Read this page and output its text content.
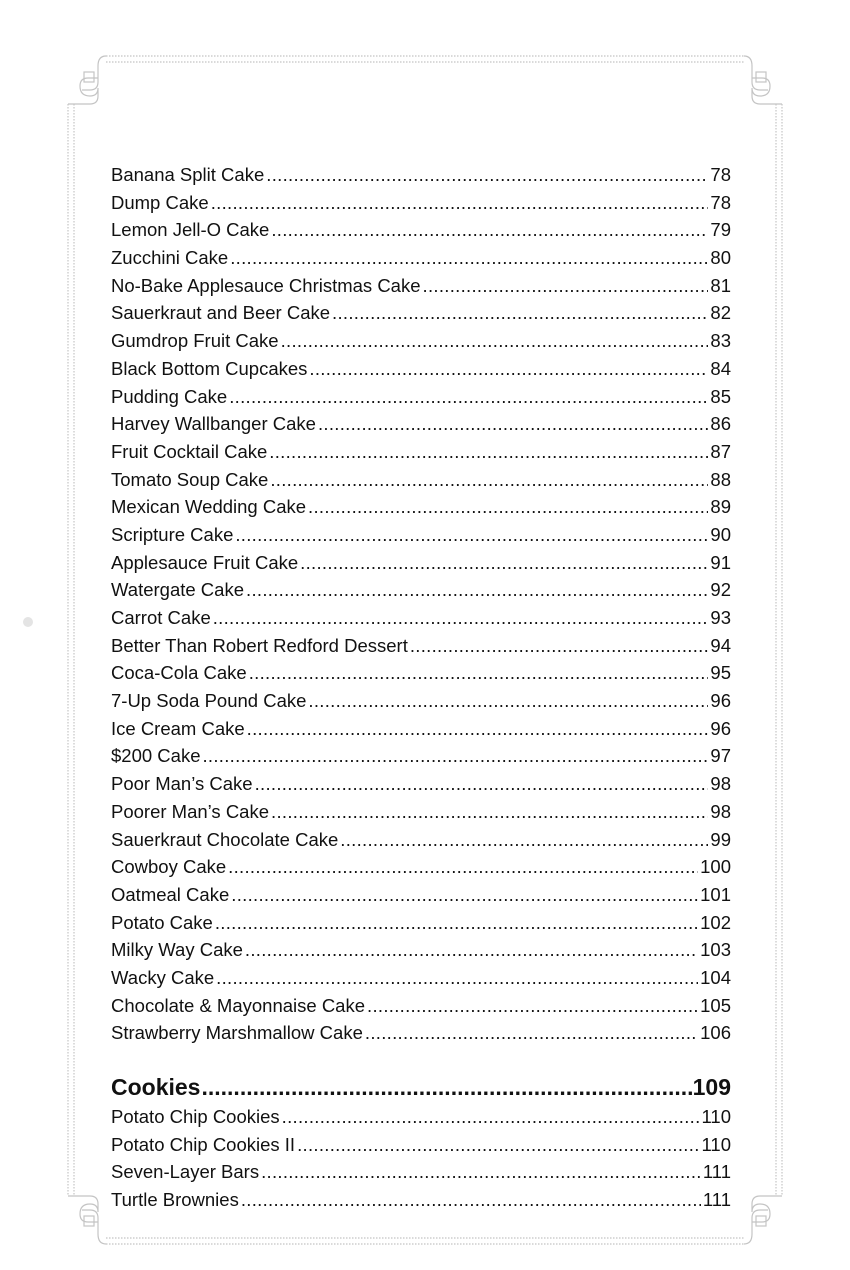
Banana Split Cake .....	78
Dump Cake .....	78
Lemon Jell-O Cake .....	79
Zucchini Cake .....	80
No-Bake Applesauce Christmas Cake .....	81
Sauerkraut and Beer Cake .....	82
Gumdrop Fruit Cake .....	83
Black Bottom Cupcakes .....	84
Pudding Cake .....	85
Harvey Wallbanger Cake .....	86
Fruit Cocktail Cake .....	87
Tomato Soup Cake .....	88
Mexican Wedding Cake .....	89
Scripture Cake .....	90
Applesauce Fruit Cake .....	91
Watergate Cake .....	92
Carrot Cake .....	93
Better Than Robert Redford Dessert .....	94
Coca-Cola Cake .....	95
7-Up Soda Pound Cake .....	96
Ice Cream Cake .....	96
$200 Cake .....	97
Poor Man’s Cake .....	98
Poorer Man’s Cake .....	98
Sauerkraut Chocolate Cake .....	99
Cowboy Cake .....	100
Oatmeal Cake .....	101
Potato Cake .....	102
Milky Way Cake .....	103
Wacky Cake .....	104
Chocolate & Mayonnaise Cake .....	105
Strawberry Marshmallow Cake .....	106
Cookies .....	109
Potato Chip Cookies .....	110
Potato Chip Cookies II .....	110
Seven-Layer Bars .....	111
Turtle Brownies .....	111
